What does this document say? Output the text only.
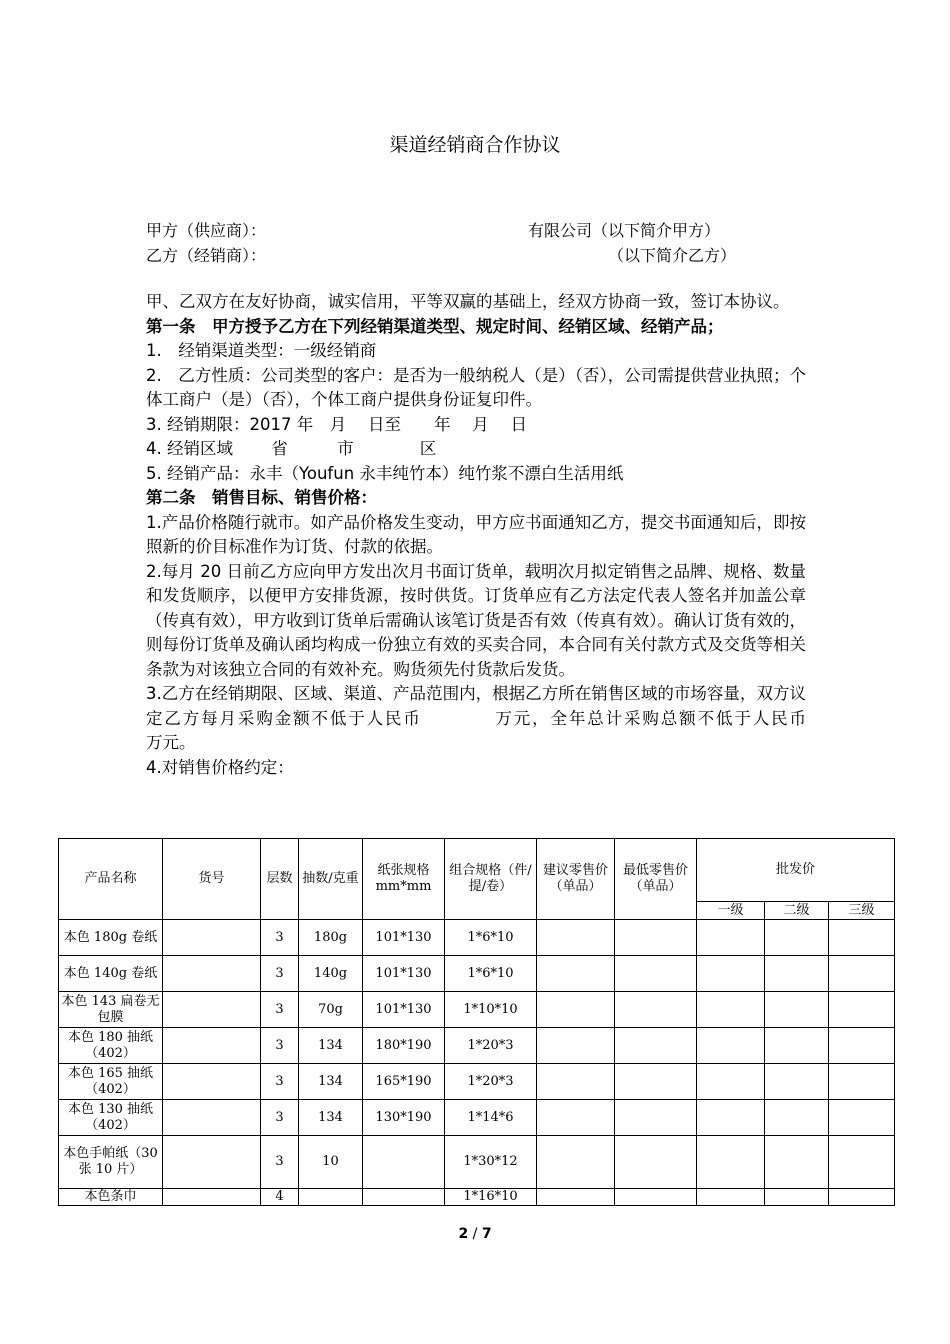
渠道经销商合作协议
甲方（供应商）：	有限公司（以下简介甲方）
乙方（经销商）：	（以下简介乙方）

甲、乙双方在友好协商，诚实信用，平等双赢的基础上，经双方协商一致，签订本协议。

第一条　甲方授予乙方在下列经销渠道类型、规定时间、经销区域、经销产品；

1.　经销渠道类型：一级经销商

2.　乙方性质：公司类型的客户：是否为一般纳税人（是）（否），公司需提供营业执照；个体工商户（是）（否），个体工商户提供身份证复印件。

3. 经销期限：2017 年　月　 日至　　年　 月　 日

4. 经销区域　　 省　　　市　　　　区

5. 经销产品：永丰（Youfun 永丰纯竹本）纯竹浆不漂白生活用纸

第二条　销售目标、销售价格：

1.产品价格随行就市。如产品价格发生变动，甲方应书面通知乙方，提交书面通知后，即按照新的价目标准作为订货、付款的依据。

2.每月 20 日前乙方应向甲方发出次月书面订货单，载明次月拟定销售之品牌、规格、数量和发货顺序，以便甲方安排货源，按时供货。订货单应有乙方法定代表人签名并加盖公章（传真有效），甲方收到订货单后需确认该笔订货是否有效（传真有效）。确认订货有效的，则每份订货单及确认函均构成一份独立有效的买卖合同，本合同有关付款方式及交货等相关条款为对该独立合同的有效补充。购货须先付货款后发货。

3.乙方在经销期限、区域、渠道、产品范围内，根据乙方所在销售区域的市场容量，双方议定乙方每月采购金额不低于人民币　　　　万元，全年总计采购总额不低于人民币　　　　　　万元。

4.对销售价格约定：

产品名称	货号	层数	抽数/克重	纸张规格mm*mm	组合规格（件/提/卷）	建议零售价（单品）	最低零售价（单品）	批发价		
								一级	二级	三级
本色 180g 卷纸		3	180g	101*130	1*6*10					
本色 140g 卷纸		3	140g	101*130	1*6*10					
本色 143 扁卷无包膜		3	70g	101*130	1*10*10					
本色 180 抽纸（402）		3	134	180*190	1*20*3					
本色 165 抽纸（402）		3	134	165*190	1*20*3					
本色 130 抽纸（402）		3	134	130*190	1*14*6					
本色手帕纸（30 张 10 片）		3	10		1*30*12					
本色条巾		4			1*16*10					
2 / 7
